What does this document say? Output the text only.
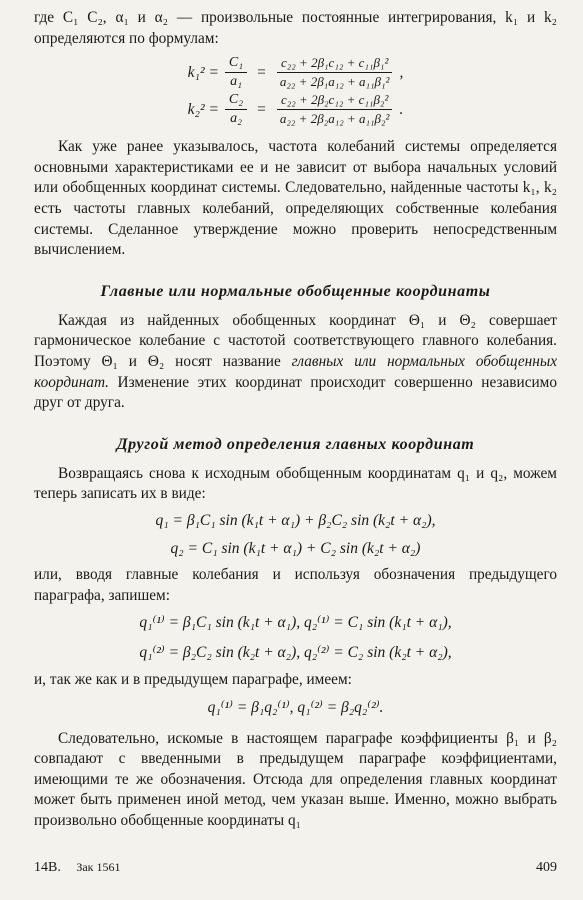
где C₁ C₂, α₁ и α₂ — произвольные постоянные интегрирования, k₁ и k₂ определяются по формулам:

$k_1^2 = \frac{\text{C₁}}{\text{a₁}} = \frac{\text{c₂₂ + 2β₁c₁₂ + c₁₁β₁²}}{\text{a₂₂ + 2β₁a₁₂ + a₁₁β₁²}}$ ,
$k_2^2 = \frac{\text{C₂}}{\text{a₂}} = \frac{\text{c₂₂ + 2β₂c₁₂ + c₁₁β₂²}}{\text{a₂₂ + 2β₂a₁₂ + a₁₁β₂²}}$ .

Как уже ранее указывалось, частота колебаний системы определяется основными характеристиками ее и не зависит от выбора начальных условий или обобщенных координат системы. Следовательно, найденные частоты k₁, k₂ есть частоты главных колебаний, определяющих собственные колебания системы. Сделанное утверждение можно проверить непосредственным вычислением.

Главные или нормальные обобщенные координаты

Каждая из найденных обобщенных координат Θ₁ и Θ₂ совершает гармоническое колебание с частотой соответствующего главного колебания. Поэтому Θ₁ и Θ₂ носят название главных или нормальных обобщенных координат. Изменение этих координат происходит совершенно независимо друг от друга.

Другой метод определения главных координат

Возвращаясь снова к исходным обобщенным координатам q₁ и q₂, можем теперь записать их в виде:

q₁ = β₁C₁ sin (k₁t + α₁) + β₂C₂ sin (k₂t + α₂),
q₂ = C₁ sin (k₁t + α₁) + C₂ sin (k₂t + α₂)

или, вводя главные колебания и используя обозначения предыдущего параграфа, запишем:

q₁⁽¹⁾ = β₁C₁ sin (k₁t + α₁), q₂⁽¹⁾ = C₁ sin (k₁t + α₁),
q₁⁽²⁾ = β₂C₂ sin (k₂t + α₂), q₂⁽²⁾ = C₂ sin (k₂t + α₂),

и, так же как и в предыдущем параграфе, имеем:

q₁⁽¹⁾ = β₁q₂⁽¹⁾, q₁⁽²⁾ = β₂q₂⁽²⁾.

Следовательно, искомые в настоящем параграфе коэффициенты β₁ и β₂ совпадают с введенными в предыдущем параграфе коэффициентами, имеющими те же обозначения. Отсюда для определения главных координат может быть применен иной метод, чем указан выше. Именно, можно выбрать произвольно обобщенные координаты q₁

14В. Зак 1561	409
